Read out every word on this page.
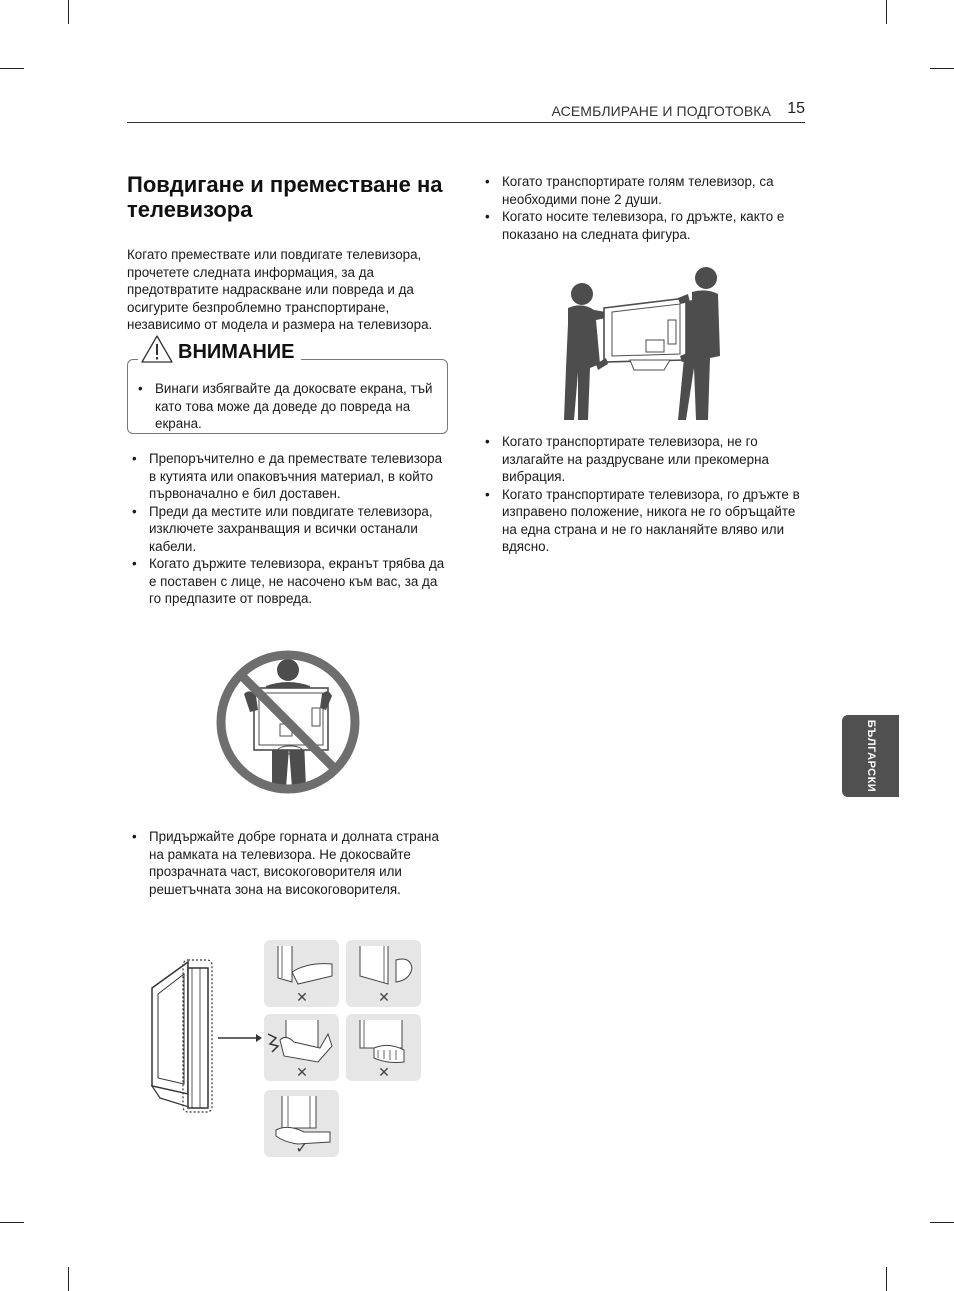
АСЕМБЛИРАНЕ И ПОДГОТОВКА 15
Повдигане и преместване на телевизора

Когато премествате или повдигате телевизора, прочетете следната информация, за да предотвратите надраскване или повреда и да осигурите безпроблемно транспортиране, независимо от модела и размера на телевизора.

ВНИМАНИЕ
• Винаги избягвайте да докосвате екрана, тъй като това може да доведе до повреда на екрана.
• Препоръчително е да премествате телевизора в кутията или опаковъчния материал, в който първоначално е бил доставен.
• Преди да местите или повдигате телевизора, изключете захранващия и всички останали кабели.
• Когато държите телевизора, екранът трябва да е поставен с лице, не насочено към вас, за да го предпазите от повреда.
• Придържайте добре горната и долната страна на рамката на телевизора. Не докосвайте прозрачната част, високоговорителя или решетъчната зона на високоговорителя.
✕	✕
✕	✕
✓
• Когато транспортирате голям телевизор, са необходими поне 2 души.
• Когато носите телевизора, го дръжте, както е показано на следната фигура.
• Когато транспортирате телевизора, не го излагайте на раздрусване или прекомерна вибрация.
• Когато транспортирате телевизора, го дръжте в изправено положение, никога не го обръщайте на една страна и не го накланяйте вляво или вдясно.
БЪЛГАРСКИ
